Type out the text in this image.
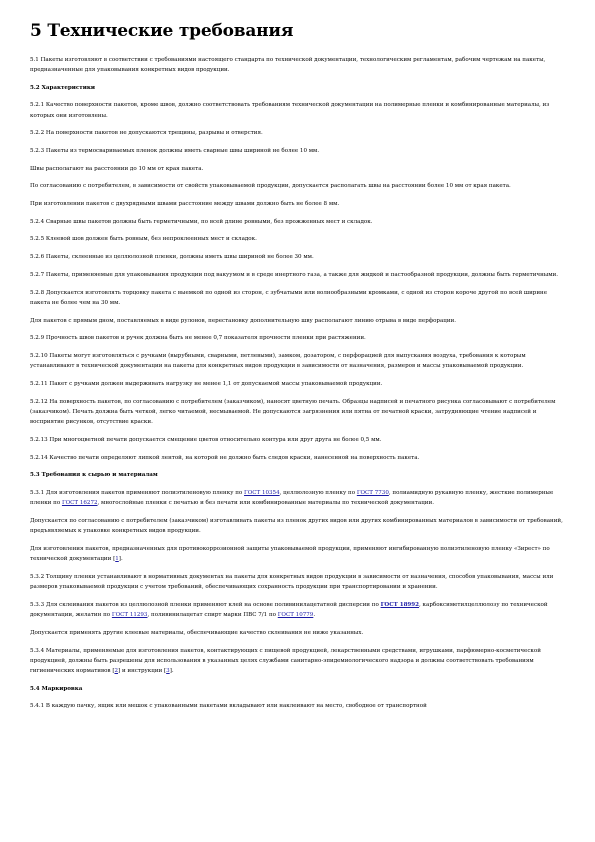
5 Технические требования

5.1 Пакеты изготовляют в соответствии с требованиями настоящего стандарта по технической документации, технологическим регламентам, рабочим чертежам на пакеты, предназначенные для упаковывания конкретных видов продукции.

5.2 Характеристики

5.2.1 Качество поверхности пакетов, кроме швов, должно соответствовать требованиям технической документации на полимерные пленки и комбинированные материалы, из которых они изготовлены.

5.2.2 На поверхности пакетов не допускаются трещины, разрывы и отверстия.

5.2.3 Пакеты из термосвариваемых пленок должны иметь сварные швы шириной не более 10 мм.

Швы располагают на расстоянии до 10 мм от края пакета.

По согласованию с потребителем, в зависимости от свойств упаковываемой продукции, допускается располагать швы на расстоянии более 10 мм от края пакета.

При изготовлении пакетов с двухрядными швами расстояние между швами должно быть не более 8 мм.

5.2.4 Сварные швы пакетов должны быть герметичными, по всей длине ровными, без прожженных мест и складок.

5.2.5 Клеевой шов должен быть ровным, без непроклеенных мест и складок.

5.2.6 Пакеты, склеенные из целлюлозной пленки, должны иметь швы шириной не более 30 мм.

5.2.7 Пакеты, применяемые для упаковывания продукции под вакуумом и в среде инертного газа, а также для жидкой и пастообразной продукции, должны быть герметичными.

5.2.8 Допускается изготовлять торцовку пакета с выемкой по одной из сторон, с зубчатыми или волнообразными кромками, с одной из сторон короче другой по всей ширине пакета не более чем на 30 мм.

Для пакетов с прямым дном, поставляемых в виде рулонов, перестановку дополнительную шву располагают линию отрыва в виде перфорации.

5.2.9 Прочность швов пакетов и ручек должна быть не менее 0,7 показателя прочности пленки при растяжении.

5.2.10 Пакеты могут изготовляться с ручками (вырубными, сварными, петлевыми), замком, дозатором, с перфорацией для выпускания воздуха, требования к которым устанавливают в технической документации на пакеты для конкретных видов продукции в зависимости от назначения, размеров и массы упаковываемой продукции.

5.2.11 Пакет с ручками должен выдерживать нагрузку не менее 1,1 от допускаемой массы упаковываемой продукции.

5.2.12 На поверхность пакетов, по согласованию с потребителем (заказчиком), наносят цветную печать. Образцы надписей и печатного рисунка согласовывают с потребителем (заказчиком). Печать должна быть четкой, легко читаемой, несмываемой. Не допускаются загрязнения или пятна от печатной краски, затрудняющие чтение надписей и восприятие рисунков, отсутствие краски.

5.2.13 При многоцветной печати допускается смещение цветов относительно контура или друг друга не более 0,5 мм.

5.2.14 Качество печати определяют липкой лентой, на которой не должно быть следов краски, нанесенной на поверхность пакета.

5.3 Требования к сырью и материалам

5.3.1 Для изготовления пакетов применяют полиэтиленовую пленку по ГОСТ 10354, целлюлозную пленку по ГОСТ 7730, полиамидную рукавную пленку, жесткие полимерные пленки по ГОСТ 16272, многослойные пленки с печатью и без печати или комбинированные материалы по технической документации.

Допускается по согласованию с потребителем (заказчиком) изготавливать пакеты из пленок других видов или других комбинированных материалов в зависимости от требований, предъявляемых к упаковке конкретных видов продукции.

Для изготовления пакетов, предназначенных для противокоррозионной защиты упаковываемой продукции, применяют ингибированную полиэтиленовую пленку «Зирест» по технической документации [1].

5.3.2 Толщину пленки устанавливают в нормативных документах на пакеты для конкретных видов продукции в зависимости от назначения, способов упаковывания, массы или размеров упаковываемой продукции с учетом требований, обеспечивающих сохранность продукции при транспортировании и хранении.

5.3.3 Для склеивания пакетов из целлюлозной пленки применяют клей на основе поливинилацетатной дисперсии по ГОСТ 18992, карбоксиметилцеллюлозу по технической документации, желатин по ГОСТ 11293, поливинилацетат спирт марки ПВС 7/1 по ГОСТ 10779.

Допускается применять другие клеевые материалы, обеспечивающие качество склеивания не ниже указанных.

5.3.4 Материалы, применяемые для изготовления пакетов, контактирующих с пищевой продукцией, лекарственными средствами, игрушками, парфюмерно-косметической продукцией, должны быть разрешены для использования в указанных целях службами санитарно-эпидемиологического надзора и должны соответствовать требованиям гигиенических нормативов [2] и инструкции [3].

5.4 Маркировка

5.4.1 В каждую пачку, ящик или мешок с упакованными пакетами вкладывают или наклеивают на место, свободное от транспортной
